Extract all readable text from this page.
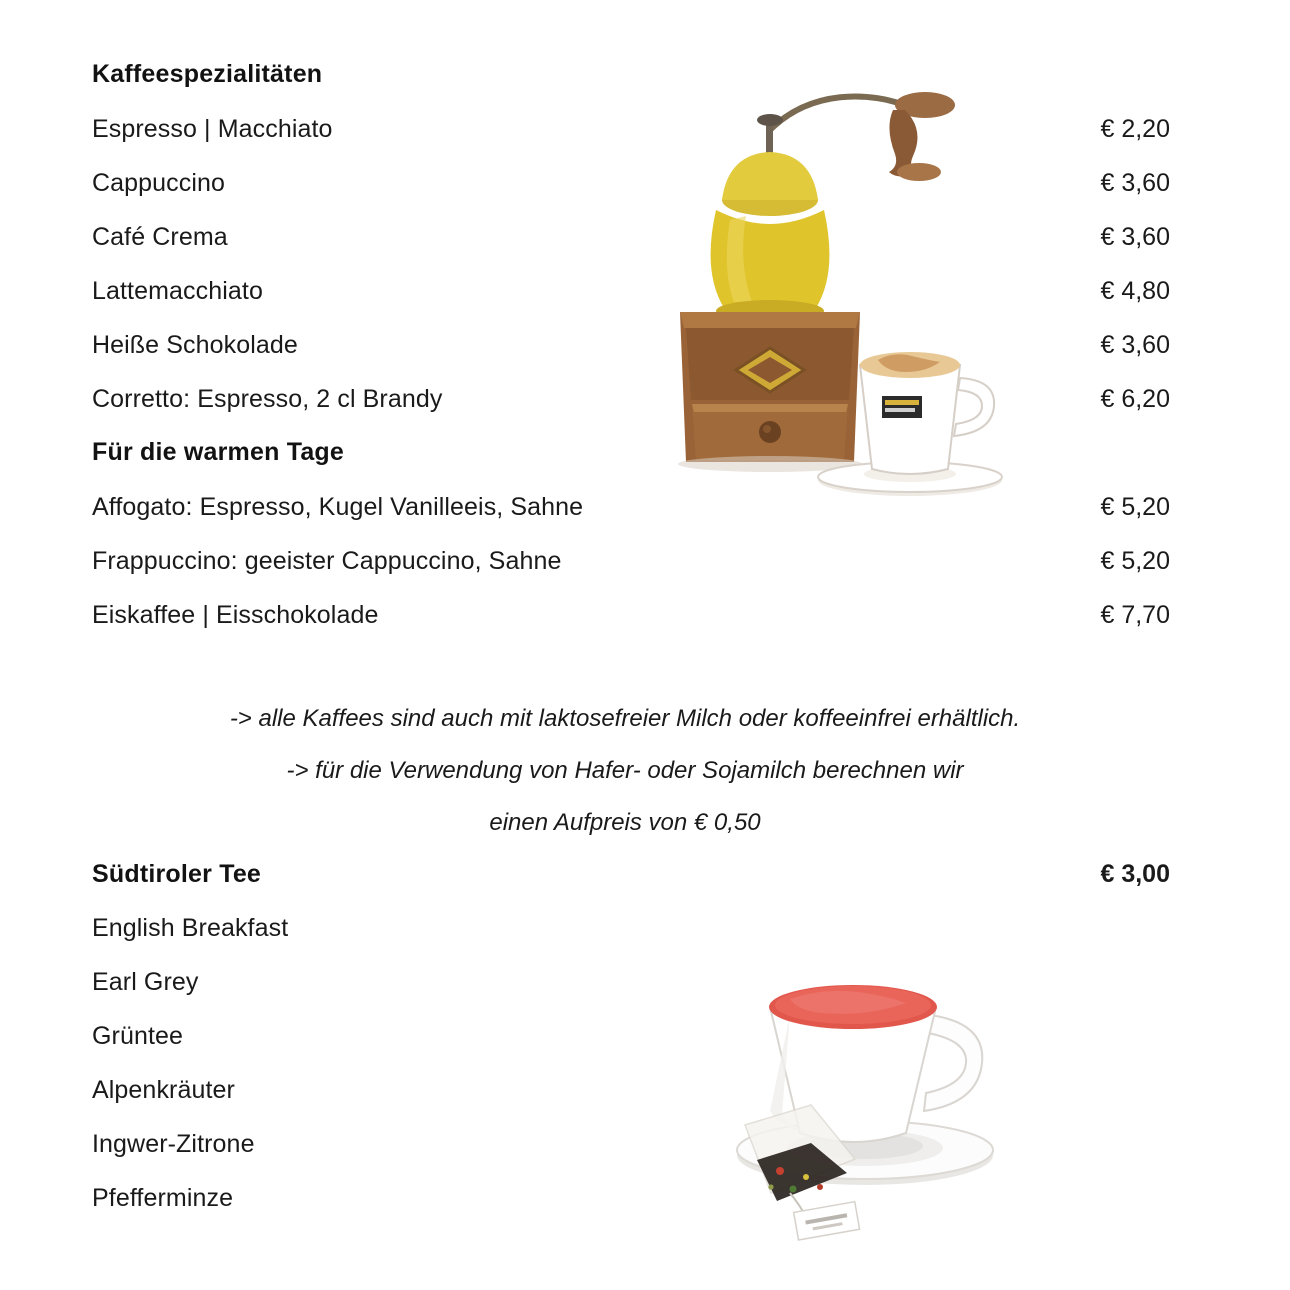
Kaffeespezialitäten
Espresso | Macchiato	€ 2,20
Cappuccino	€ 3,60
Café Crema	€ 3,60
Lattemacchiato	€ 4,80
Heiße Schokolade	€ 3,60
Corretto: Espresso, 2 cl Brandy	€ 6,20
Für die warmen Tage
Affogato: Espresso, Kugel Vanilleeis, Sahne	€ 5,20
Frappuccino: geeister Cappuccino, Sahne	€ 5,20
Eiskaffee | Eisschokolade	€ 7,70
-> alle Kaffees sind auch mit laktosefreier Milch oder koffeeinfrei erhältlich.
-> für die Verwendung von Hafer- oder Sojamilch berechnen wir
einen Aufpreis von € 0,50
Südtiroler Tee	€ 3,00
English Breakfast
Earl Grey
Grüntee
Alpenkräuter
Ingwer-Zitrone
Pfefferminze
